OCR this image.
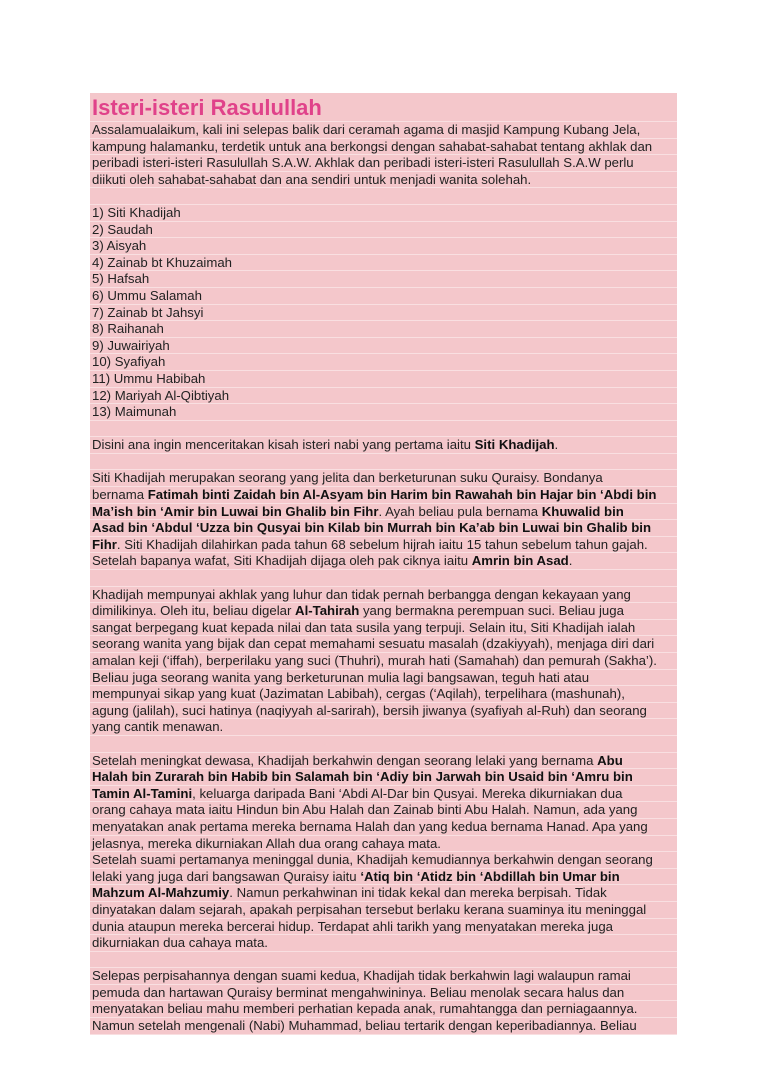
Isteri-isteri Rasulullah
Assalamualaikum, kali ini selepas balik dari ceramah agama di masjid Kampung Kubang Jela,
kampung halamanku, terdetik untuk ana berkongsi dengan sahabat-sahabat tentang akhlak dan
peribadi isteri-isteri Rasulullah S.A.W. Akhlak dan peribadi isteri-isteri Rasulullah S.A.W perlu
diikuti oleh sahabat-sahabat dan ana sendiri untuk menjadi wanita solehah.
1) Siti Khadijah
2) Saudah
3) Aisyah
4) Zainab bt Khuzaimah
5) Hafsah
6) Ummu Salamah
7) Zainab bt Jahsyi
8) Raihanah
9) Juwairiyah
10) Syafiyah
11) Ummu Habibah
12) Mariyah Al-Qibtiyah
13) Maimunah
Disini ana ingin menceritakan kisah isteri nabi yang pertama iaitu Siti Khadijah.
Siti Khadijah merupakan seorang yang jelita dan berketurunan suku Quraisy. Bondanya
bernama Fatimah binti Zaidah bin Al-Asyam bin Harim bin Rawahah bin Hajar bin ‘Abdi bin
Ma’ish bin ‘Amir bin Luwai bin Ghalib bin Fihr. Ayah beliau pula bernama Khuwalid bin
Asad bin ‘Abdul ‘Uzza bin Qusyai bin Kilab bin Murrah bin Ka’ab bin Luwai bin Ghalib bin
Fihr. Siti Khadijah dilahirkan pada tahun 68 sebelum hijrah iaitu 15 tahun sebelum tahun gajah.
Setelah bapanya wafat, Siti Khadijah dijaga oleh pak ciknya iaitu Amrin bin Asad.
Khadijah mempunyai akhlak yang luhur dan tidak pernah berbangga dengan kekayaan yang
dimilikinya. Oleh itu, beliau digelar Al-Tahirah yang bermakna perempuan suci. Beliau juga
sangat berpegang kuat kepada nilai dan tata susila yang terpuji. Selain itu, Siti Khadijah ialah
seorang wanita yang bijak dan cepat memahami sesuatu masalah (dzakiyyah), menjaga diri dari
amalan keji (‘iffah), berperilaku yang suci (Thuhri), murah hati (Samahah) dan pemurah (Sakha’).
Beliau juga seorang wanita yang berketurunan mulia lagi bangsawan, teguh hati atau
mempunyai sikap yang kuat (Jazimatan Labibah), cergas (‘Aqilah), terpelihara (mashunah),
agung (jalilah), suci hatinya (naqiyyah al-sarirah), bersih jiwanya (syafiyah al-Ruh) dan seorang
yang cantik menawan.
Setelah meningkat dewasa, Khadijah berkahwin dengan seorang lelaki yang bernama Abu
Halah bin Zurarah bin Habib bin Salamah bin ‘Adiy bin Jarwah bin Usaid bin ‘Amru bin
Tamin Al-Tamini, keluarga daripada Bani ‘Abdi Al-Dar bin Qusyai. Mereka dikurniakan dua
orang cahaya mata iaitu Hindun bin Abu Halah dan Zainab binti Abu Halah. Namun, ada yang
menyatakan anak pertama mereka bernama Halah dan yang kedua bernama Hanad. Apa yang
jelasnya, mereka dikurniakan Allah dua orang cahaya mata.
Setelah suami pertamanya meninggal dunia, Khadijah kemudiannya berkahwin dengan seorang
lelaki yang juga dari bangsawan Quraisy iaitu ‘Atiq bin ‘Atidz bin ‘Abdillah bin Umar bin
Mahzum Al-Mahzumiy. Namun perkahwinan ini tidak kekal dan mereka berpisah. Tidak
dinyatakan dalam sejarah, apakah perpisahan tersebut berlaku kerana suaminya itu meninggal
dunia ataupun mereka bercerai hidup. Terdapat ahli tarikh yang menyatakan mereka juga
dikurniakan dua cahaya mata.
Selepas perpisahannya dengan suami kedua, Khadijah tidak berkahwin lagi walaupun ramai
pemuda dan hartawan Quraisy berminat mengahwininya. Beliau menolak secara halus dan
menyatakan beliau mahu memberi perhatian kepada anak, rumahtangga dan perniagaannya.
Namun setelah mengenali (Nabi) Muhammad, beliau tertarik dengan keperibadiannya. Beliau
